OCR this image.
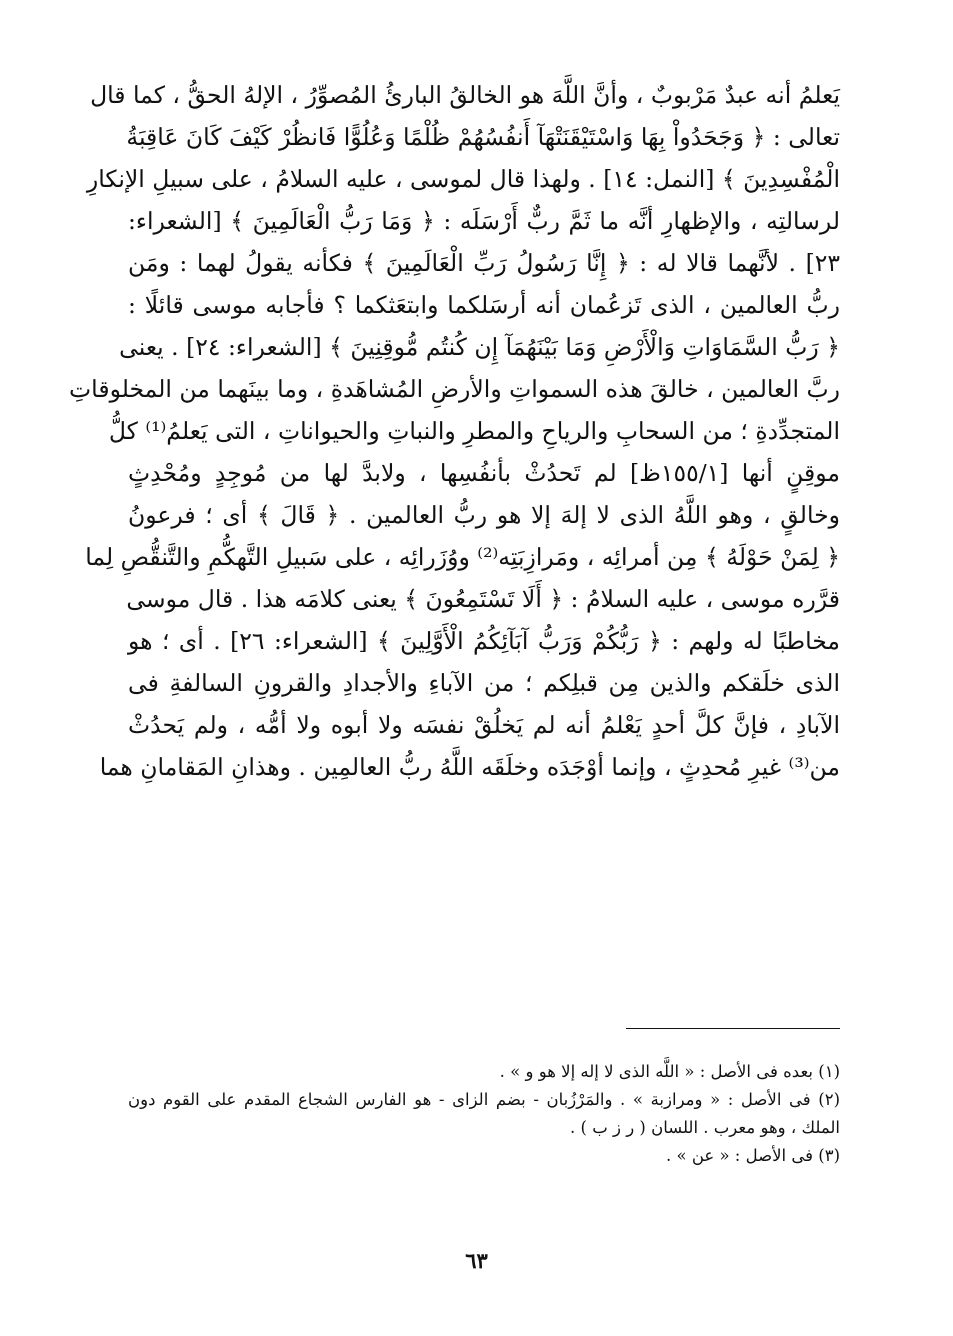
يَعلمُ أنه عبدٌ مَرْبوبٌ ، وأنَّ اللَّهَ هو الخالقُ البارئُ المُصوِّرُ ، الإلهُ الحقُّ ، كما قال
تعالى : ﴿ وَجَحَدُواْ بِهَا وَاسْتَيْقَنَتْهَآ أَنفُسُهُمْ ظُلْمًا وَعُلُوًّا فَانظُرْ كَيْفَ كَانَ عَاقِبَةُ
الْمُفْسِدِينَ ﴾ [النمل: ١٤] . ولهذا قال لموسى ، عليه السلامُ ، على سبيلِ الإنكارِ
لرسالتِه ، والإظهارِ أنَّه ما ثَمَّ ربٌّ أَرْسَلَه : ﴿ وَمَا رَبُّ الْعَالَمِينَ ﴾ [الشعراء:
٢٣] . لأنَّهما قالا له : ﴿ إِنَّا رَسُولُ رَبِّ الْعَالَمِينَ ﴾ فكأنه يقولُ لهما : ومَن
ربُّ العالمين ، الذى تَزعُمان أنه أرسَلكما وابتعَثكما ؟ فأجابه موسى قائلًا :
﴿ رَبُّ السَّمَاوَاتِ وَالْأَرْضِ وَمَا بَيْنَهُمَآ إِن كُنتُم مُّوقِنِينَ ﴾ [الشعراء: ٢٤] . يعنى
ربَّ العالمين ، خالقَ هذه السمواتِ والأرضِ المُشاهَدةِ ، وما بينَهما من المخلوقاتِ
المتجدِّدةِ ؛ من السحابِ والرياحِ والمطرِ والنباتِ والحيواناتِ ، التى يَعلمُ⁽¹⁾ كلُّ
موقِنٍ أنها [١٥٥/١ظ] لم تَحدُثْ بأنفُسِها ، ولابدَّ لها من مُوجِدٍ ومُحْدِثٍ
وخالقٍ ، وهو اللَّهُ الذى لا إلهَ إلا هو ربُّ العالمين . ﴿ قَالَ ﴾ أى ؛ فرعونُ
﴿ لِمَنْ حَوْلَهُ ﴾ مِن أمرائِه ، ومَرازِبَتِه⁽²⁾ ووُزَرائِه ، على سَبيلِ التَّهكُّمِ والتَّنقُّصِ لِما
قرَّره موسى ، عليه السلامُ : ﴿ أَلَا تَسْتَمِعُونَ ﴾ يعنى كلامَه هذا . قال موسى
مخاطبًا له ولهم : ﴿ رَبُّكُمْ وَرَبُّ آبَآئِكُمُ الْأَوَّلِينَ ﴾ [الشعراء: ٢٦] . أى ؛ هو
الذى خلَقكم والذين مِن قبلِكم ؛ من الآباءِ والأجدادِ والقرونِ السالفةِ فى
الآبادِ ، فإنَّ كلَّ أحدٍ يَعْلمُ أنه لم يَخلُقْ نفسَه ولا أبوه ولا أمُّه ، ولم يَحدُثْ
من⁽³⁾ غيرِ مُحدِثٍ ، وإنما أوْجَدَه وخلَقَه اللَّهُ ربُّ العالمِين . وهذانِ المَقامانِ هما
(١) بعده فى الأصل : « اللَّه الذى لا إله إلا هو و » .
(٢) فى الأصل : « ومرازبة » . والمَرْزُبان - بضم الزاى - هو الفارس الشجاع المقدم على القوم دون
الملك ، وهو معرب . اللسان ( ر ز ب ) .
(٣) فى الأصل : « عن » .
٦٣
